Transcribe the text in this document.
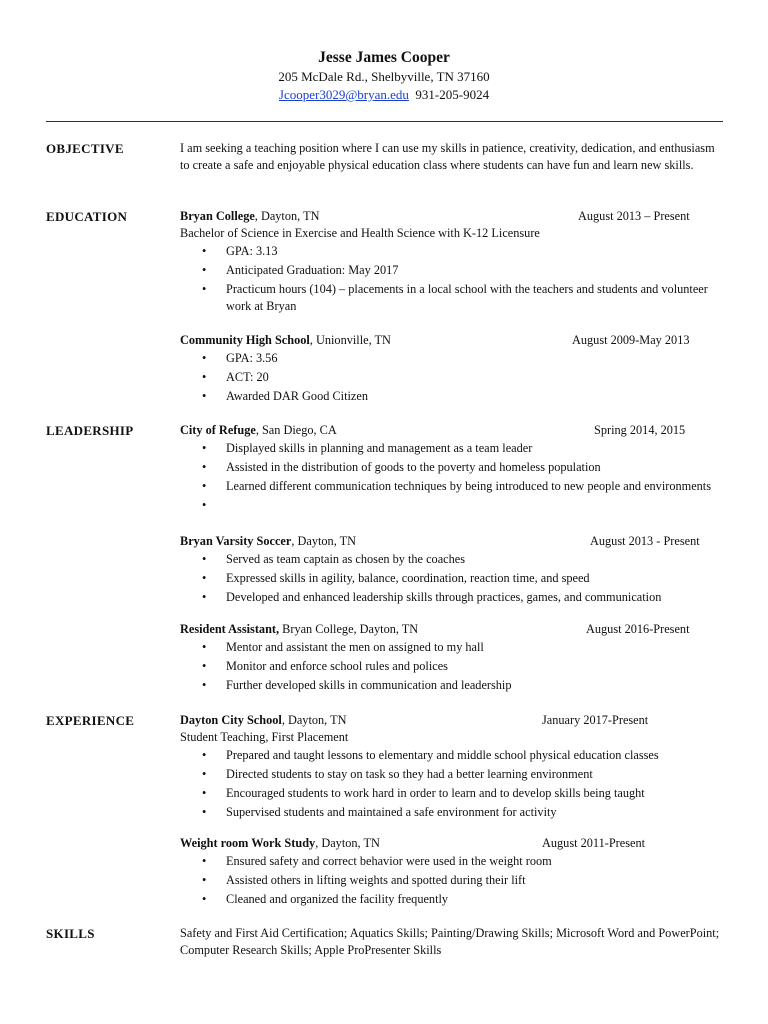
Jesse James Cooper
205 McDale Rd., Shelbyville, TN 37160
Jcooper3029@bryan.edu 931-205-9024
OBJECTIVE	I am seeking a teaching position where I can use my skills in patience, creativity, dedication, and enthusiasm to create a safe and enjoyable physical education class where students can have fun and learn new skills.
EDUCATION	Bryan College, Dayton, TN	August 2013 – Present
Bachelor of Science in Exercise and Health Science with K-12 Licensure
• GPA: 3.13
• Anticipated Graduation: May 2017
• Practicum hours (104) – placements in a local school with the teachers and students and volunteer work at Bryan
Community High School, Unionville, TN	August 2009-May 2013
• GPA: 3.56
• ACT: 20
• Awarded DAR Good Citizen
LEADERSHIP	City of Refuge, San Diego, CA	Spring 2014, 2015
• Displayed skills in planning and management as a team leader
• Assisted in the distribution of goods to the poverty and homeless population
• Learned different communication techniques by being introduced to new people and environments
•
Bryan Varsity Soccer, Dayton, TN	August 2013 - Present
• Served as team captain as chosen by the coaches
• Expressed skills in agility, balance, coordination, reaction time, and speed
• Developed and enhanced leadership skills through practices, games, and communication
Resident Assistant, Bryan College, Dayton, TN	August 2016-Present
• Mentor and assistant the men on assigned to my hall
• Monitor and enforce school rules and polices
• Further developed skills in communication and leadership
EXPERIENCE	Dayton City School, Dayton, TN	January 2017-Present
Student Teaching, First Placement
• Prepared and taught lessons to elementary and middle school physical education classes
• Directed students to stay on task so they had a better learning environment
• Encouraged students to work hard in order to learn and to develop skills being taught
• Supervised students and maintained a safe environment for activity
Weight room Work Study, Dayton, TN	August 2011-Present
• Ensured safety and correct behavior were used in the weight room
• Assisted others in lifting weights and spotted during their lift
• Cleaned and organized the facility frequently
SKILLS	Safety and First Aid Certification; Aquatics Skills; Painting/Drawing Skills; Microsoft Word and PowerPoint; Computer Research Skills; Apple ProPresenter Skills
